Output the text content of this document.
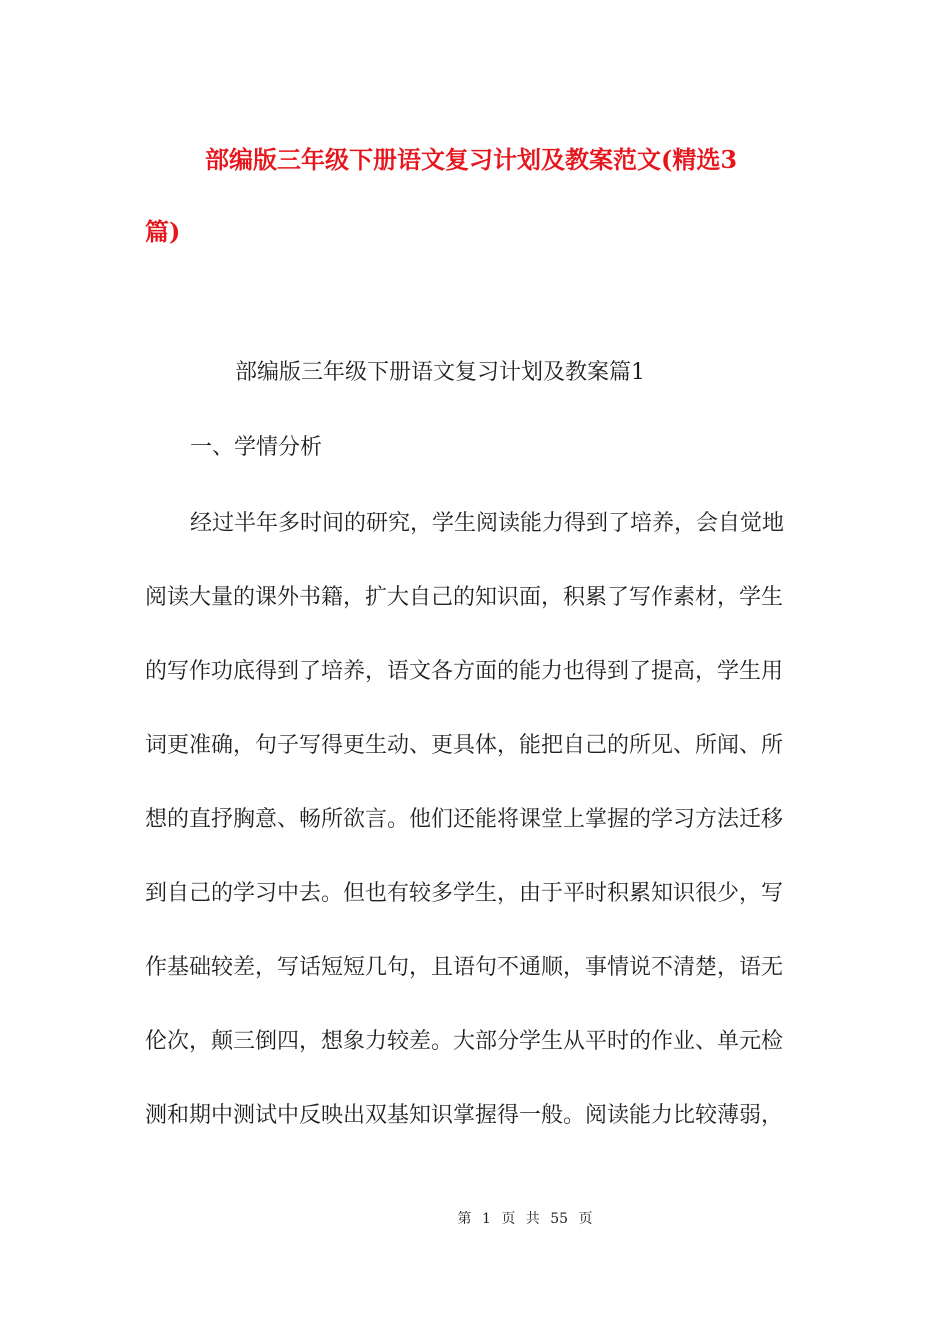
部编版三年级下册语文复习计划及教案范文(精选3
篇)
部编版三年级下册语文复习计划及教案篇1
一、学情分析
经过半年多时间的研究，学生阅读能力得到了培养，会自觉地
阅读大量的课外书籍，扩大自己的知识面，积累了写作素材，学生
的写作功底得到了培养，语文各方面的能力也得到了提高，学生用
词更准确，句子写得更生动、更具体，能把自己的所见、所闻、所
想的直抒胸意、畅所欲言。他们还能将课堂上掌握的学习方法迁移
到自己的学习中去。但也有较多学生，由于平时积累知识很少，写
作基础较差，写话短短几句，且语句不通顺，事情说不清楚，语无
伦次，颠三倒四，想象力较差。大部分学生从平时的作业、单元检
测和期中测试中反映出双基知识掌握得一般。阅读能力比较薄弱，
第 1 页 共 55 页
